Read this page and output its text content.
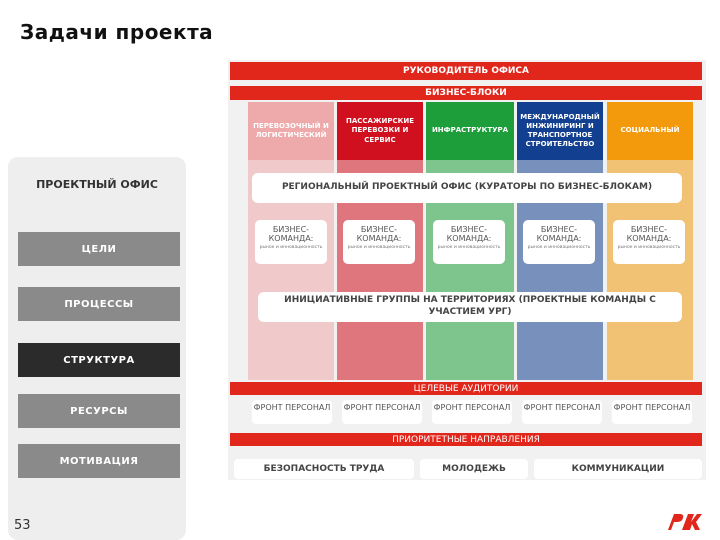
Задачи проекта
РУКОВОДИТЕЛЬ ОФИСА
БИЗНЕС-БЛОКИ
ПЕРЕВОЗОЧНЫЙ И ЛОГИСТИЧЕСКИЙ
ПАССАЖИРСКИЕ ПЕРЕВОЗКИ И СЕРВИС
ИНФРАСТРУКТУРА
МЕЖДУНАРОДНЫЙ ИНЖИНИРИНГ И ТРАНСПОРТНОЕ СТРОИТЕЛЬСТВО
СОЦИАЛЬНЫЙ
РЕГИОНАЛЬНЫЙ ПРОЕКТНЫЙ ОФИС (КУРАТОРЫ ПО БИЗНЕС-БЛОКАМ)
БИЗНЕС-КОМАНДА:
рынок и инновационность
БИЗНЕС-КОМАНДА:
рынок и инновационность
БИЗНЕС-КОМАНДА:
рынок и инновационность
БИЗНЕС-КОМАНДА:
рынок и инновационность
БИЗНЕС-КОМАНДА:
рынок и инновационность
ИНИЦИАТИВНЫЕ ГРУППЫ НА ТЕРРИТОРИЯХ (ПРОЕКТНЫЕ КОМАНДЫ С УЧАСТИЕМ УРГ)
ЦЕЛЕВЫЕ АУДИТОРИИ
ФРОНТ ПЕРСОНАЛ ФРОНТ ПЕРСОНАЛ ФРОНТ ПЕРСОНАЛ ФРОНТ ПЕРСОНАЛ ФРОНТ ПЕРСОНАЛ
ПРИОРИТЕТНЫЕ НАПРАВЛЕНИЯ
БЕЗОПАСНОСТЬ ТРУДА	МОЛОДЕЖЬ	КОММУНИКАЦИИ
ПРОЕКТНЫЙ ОФИС
ЦЕЛИ
ПРОЦЕССЫ
СТРУКТУРА
РЕСУРСЫ
МОТИВАЦИЯ
53
